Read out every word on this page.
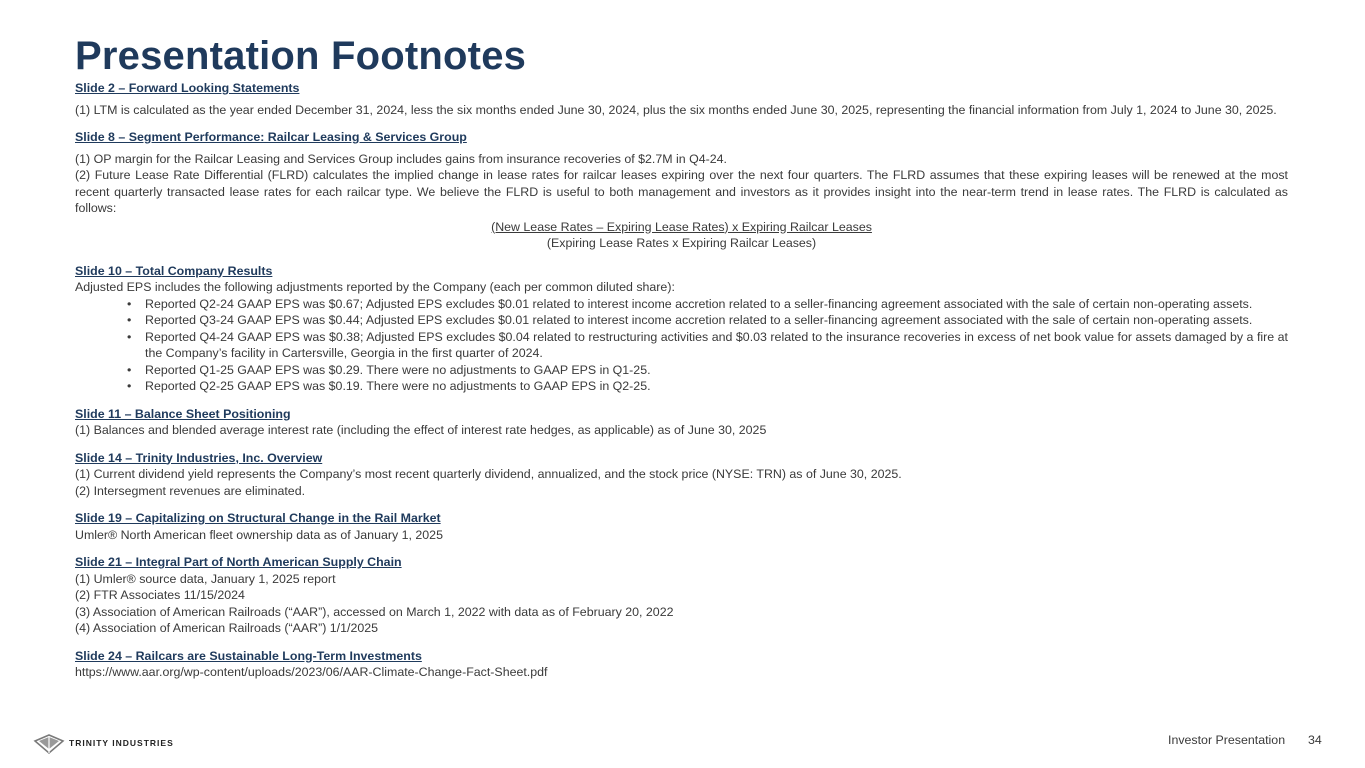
Presentation Footnotes

Slide 2 – Forward Looking Statements

(1) LTM is calculated as the year ended December 31, 2024, less the six months ended June 30, 2024, plus the six months ended June 30, 2025, representing the financial information from July 1, 2024 to June 30, 2025.

Slide 8 – Segment Performance: Railcar Leasing & Services Group

(1) OP margin for the Railcar Leasing and Services Group includes gains from insurance recoveries of $2.7M in Q4-24.

(2) Future Lease Rate Differential (FLRD) calculates the implied change in lease rates for railcar leases expiring over the next four quarters. The FLRD assumes that these expiring leases will be renewed at the most recent quarterly transacted lease rates for each railcar type. We believe the FLRD is useful to both management and investors as it provides insight into the near-term trend in lease rates. The FLRD is calculated as follows:

(New Lease Rates – Expiring Lease Rates) x Expiring Railcar Leases
(Expiring Lease Rates x Expiring Railcar Leases)

Slide 10 – Total Company Results

Adjusted EPS includes the following adjustments reported by the Company (each per common diluted share):

• Reported Q2-24 GAAP EPS was $0.67; Adjusted EPS excludes $0.01 related to interest income accretion related to a seller-financing agreement associated with the sale of certain non-operating assets.
• Reported Q3-24 GAAP EPS was $0.44; Adjusted EPS excludes $0.01 related to interest income accretion related to a seller-financing agreement associated with the sale of certain non-operating assets.
• Reported Q4-24 GAAP EPS was $0.38; Adjusted EPS excludes $0.04 related to restructuring activities and $0.03 related to the insurance recoveries in excess of net book value for assets damaged by a fire at the Company’s facility in Cartersville, Georgia in the first quarter of 2024.
• Reported Q1-25 GAAP EPS was $0.29. There were no adjustments to GAAP EPS in Q1-25.
• Reported Q2-25 GAAP EPS was $0.19. There were no adjustments to GAAP EPS in Q2-25.

Slide 11 – Balance Sheet Positioning

(1) Balances and blended average interest rate (including the effect of interest rate hedges, as applicable) as of June 30, 2025

Slide 14 – Trinity Industries, Inc. Overview

(1) Current dividend yield represents the Company’s most recent quarterly dividend, annualized, and the stock price (NYSE: TRN) as of June 30, 2025.

(2) Intersegment revenues are eliminated.

Slide 19 – Capitalizing on Structural Change in the Rail Market

Umler® North American fleet ownership data as of January 1, 2025

Slide 21 – Integral Part of North American Supply Chain

(1) Umler® source data, January 1, 2025 report

(2) FTR Associates 11/15/2024

(3) Association of American Railroads (“AAR”), accessed on March 1, 2022 with data as of February 20, 2022

(4) Association of American Railroads (“AAR”) 1/1/2025

Slide 24 – Railcars are Sustainable Long-Term Investments

https://www.aar.org/wp-content/uploads/2023/06/AAR-Climate-Change-Fact-Sheet.pdf

TRINITY INDUSTRIES	Investor Presentation 34
